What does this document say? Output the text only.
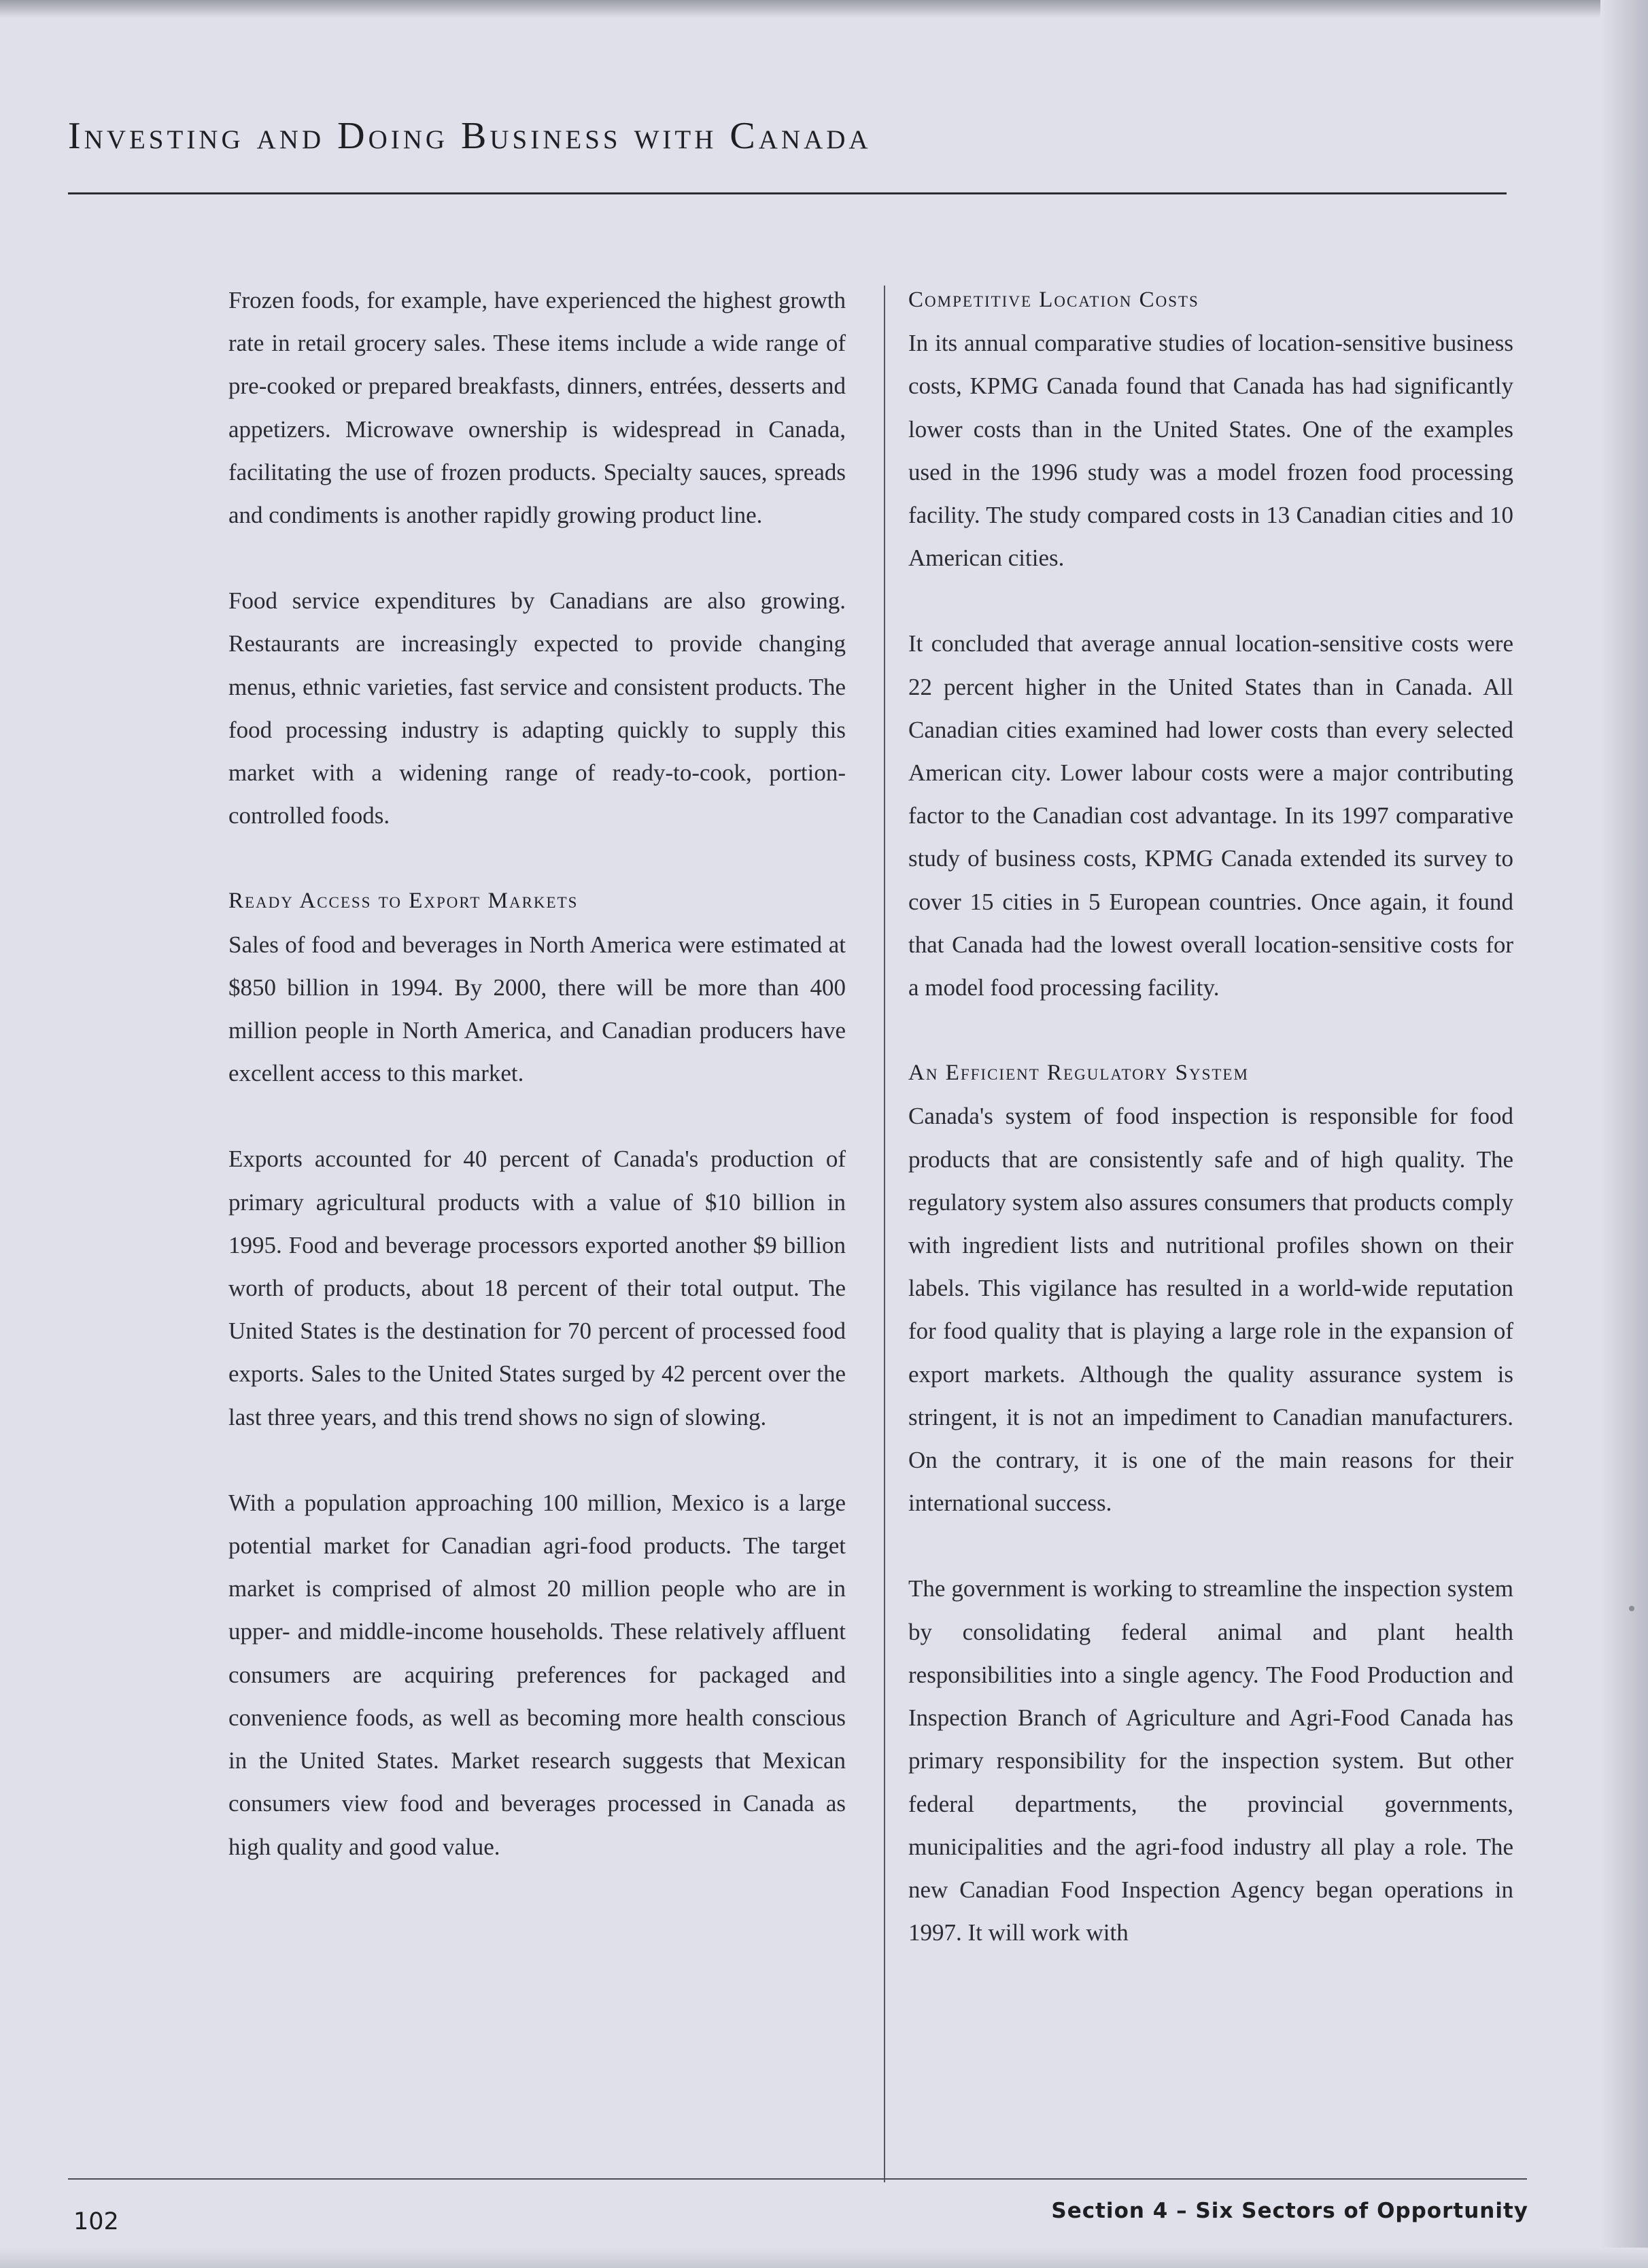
Investing and Doing Business with Canada

Frozen foods, for example, have experienced the highest growth rate in retail grocery sales. These items include a wide range of pre-cooked or prepared breakfasts, dinners, entrées, desserts and appetizers. Microwave ownership is widespread in Canada, facilitating the use of frozen products. Specialty sauces, spreads and condiments is another rapidly growing product line.

Food service expenditures by Canadians are also growing. Restaurants are increasingly expected to provide changing menus, ethnic varieties, fast service and consistent products. The food processing industry is adapting quickly to supply this market with a widening range of ready-to-cook, portion-controlled foods.

Ready Access to Export Markets

Sales of food and beverages in North America were estimated at $850 billion in 1994. By 2000, there will be more than 400 million people in North America, and Canadian producers have excellent access to this market.

Exports accounted for 40 percent of Canada's production of primary agricultural products with a value of $10 billion in 1995. Food and beverage processors exported another $9 billion worth of products, about 18 percent of their total output. The United States is the destination for 70 percent of processed food exports. Sales to the United States surged by 42 percent over the last three years, and this trend shows no sign of slowing.

With a population approaching 100 million, Mexico is a large potential market for Canadian agri-food products. The target market is comprised of almost 20 million people who are in upper- and middle-income households. These relatively affluent consumers are acquiring preferences for packaged and convenience foods, as well as becoming more health conscious in the United States. Market research suggests that Mexican consumers view food and beverages processed in Canada as high quality and good value.

Competitive Location Costs

In its annual comparative studies of location-sensitive business costs, KPMG Canada found that Canada has had significantly lower costs than in the United States. One of the examples used in the 1996 study was a model frozen food processing facility. The study compared costs in 13 Canadian cities and 10 American cities.

It concluded that average annual location-sensitive costs were 22 percent higher in the United States than in Canada. All Canadian cities examined had lower costs than every selected American city. Lower labour costs were a major contributing factor to the Canadian cost advantage. In its 1997 comparative study of business costs, KPMG Canada extended its survey to cover 15 cities in 5 European countries. Once again, it found that Canada had the lowest overall location-sensitive costs for a model food processing facility.

An Efficient Regulatory System

Canada's system of food inspection is responsible for food products that are consistently safe and of high quality. The regulatory system also assures consumers that products comply with ingredient lists and nutritional profiles shown on their labels. This vigilance has resulted in a world-wide reputation for food quality that is playing a large role in the expansion of export markets. Although the quality assurance system is stringent, it is not an impediment to Canadian manufacturers. On the contrary, it is one of the main reasons for their international success.

The government is working to streamline the inspection system by consolidating federal animal and plant health responsibilities into a single agency. The Food Production and Inspection Branch of Agriculture and Agri-Food Canada has primary responsibility for the inspection system. But other federal departments, the provincial governments, municipalities and the agri-food industry all play a role. The new Canadian Food Inspection Agency began operations in 1997. It will work with

102	Section 4 – Six Sectors of Opportunity
